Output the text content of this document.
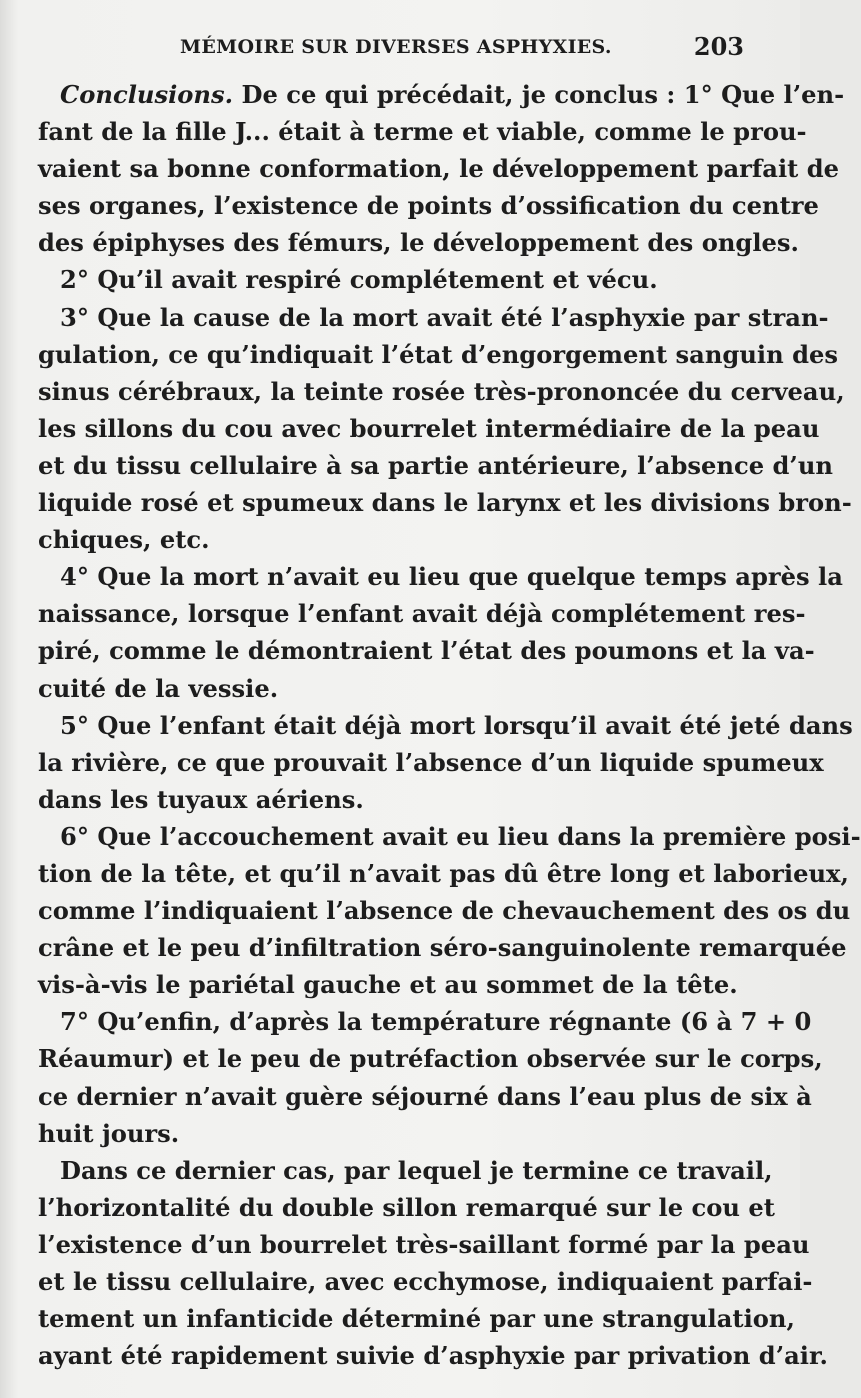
MÉMOIRE SUR DIVERSES ASPHYXIES.	203
Conclusions. De ce qui précédait, je conclus : 1° Que l’en-
fant de la fille J... était à terme et viable, comme le prou-
vaient sa bonne conformation, le développement parfait de
ses organes, l’existence de points d’ossification du centre
des épiphyses des fémurs, le développement des ongles.
2° Qu’il avait respiré complétement et vécu.
3° Que la cause de la mort avait été l’asphyxie par stran-
gulation, ce qu’indiquait l’état d’engorgement sanguin des
sinus cérébraux, la teinte rosée très-prononcée du cerveau,
les sillons du cou avec bourrelet intermédiaire de la peau
et du tissu cellulaire à sa partie antérieure, l’absence d’un
liquide rosé et spumeux dans le larynx et les divisions bron-
chiques, etc.
4° Que la mort n’avait eu lieu que quelque temps après la
naissance, lorsque l’enfant avait déjà complétement res-
piré, comme le démontraient l’état des poumons et la va-
cuité de la vessie.
5° Que l’enfant était déjà mort lorsqu’il avait été jeté dans
la rivière, ce que prouvait l’absence d’un liquide spumeux
dans les tuyaux aériens.
6° Que l’accouchement avait eu lieu dans la première posi-
tion de la tête, et qu’il n’avait pas dû être long et laborieux,
comme l’indiquaient l’absence de chevauchement des os du
crâne et le peu d’infiltration séro-sanguinolente remarquée
vis-à-vis le pariétal gauche et au sommet de la tête.
7° Qu’enfin, d’après la température régnante (6 à 7 + 0
Réaumur) et le peu de putréfaction observée sur le corps,
ce dernier n’avait guère séjourné dans l’eau plus de six à
huit jours.
Dans ce dernier cas, par lequel je termine ce travail,
l’horizontalité du double sillon remarqué sur le cou et
l’existence d’un bourrelet très-saillant formé par la peau
et le tissu cellulaire, avec ecchymose, indiquaient parfai-
tement un infanticide déterminé par une strangulation,
ayant été rapidement suivie d’asphyxie par privation d’air.
